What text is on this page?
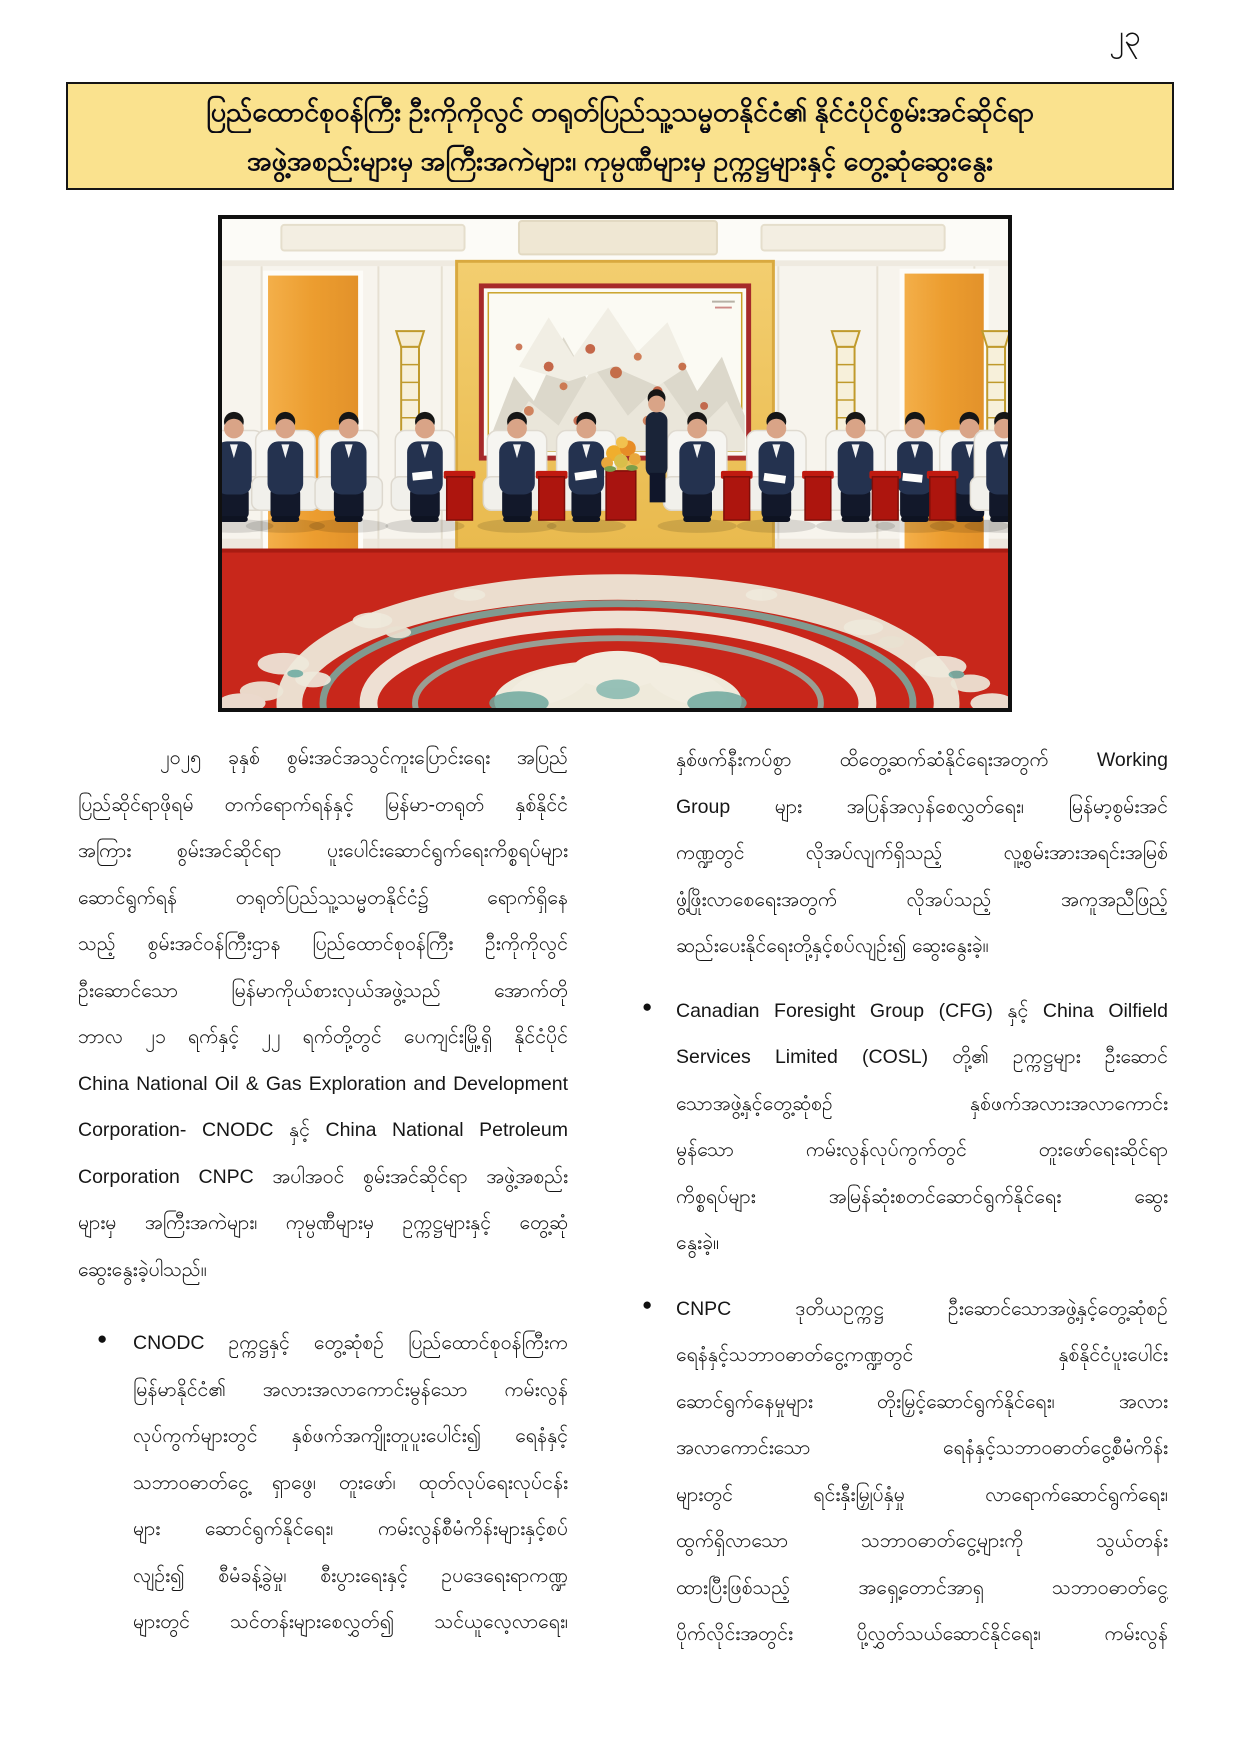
၂၃
ပြည်ထောင်စုဝန်ကြီး ဦးကိုကိုလွင် တရုတ်ပြည်သူ့သမ္မတနိုင်ငံ၏ နိုင်ငံပိုင်စွမ်းအင်ဆိုင်ရာ
အဖွဲ့အစည်းများမှ အကြီးအကဲများ၊ ကုမ္ပဏီများမှ ဥက္ကဋ္ဌများနှင့် တွေ့ဆုံဆွေးနွေး
၂၀၂၅ ခုနှစ် စွမ်းအင်အသွင်ကူးပြောင်းရေး အပြည်
ပြည်ဆိုင်ရာဖိုရမ် တက်ရောက်ရန်နှင့် မြန်မာ-တရုတ် နှစ်နိုင်ငံ
အကြား စွမ်းအင်ဆိုင်ရာ ပူးပေါင်းဆောင်ရွက်ရေးကိစ္စရပ်များ
ဆောင်ရွက်ရန် တရုတ်ပြည်သူ့သမ္မတနိုင်ငံ၌ ရောက်ရှိနေ
သည့် စွမ်းအင်ဝန်ကြီးဌာန ပြည်ထောင်စုဝန်ကြီး ဦးကိုကိုလွင်
ဦးဆောင်သော မြန်မာကိုယ်စားလှယ်အဖွဲ့သည် အောက်တို
ဘာလ ၂၁ ရက်နှင့် ၂၂ ရက်တို့တွင် ပေကျင်းမြို့ရှိ နိုင်ငံပိုင်
China National Oil & Gas Exploration and Development
Corporation- CNODC နှင့် China National Petroleum
Corporation CNPC အပါအဝင် စွမ်းအင်ဆိုင်ရာ အဖွဲ့အစည်း
များမှ အကြီးအကဲများ၊ ကုမ္ပဏီများမှ ဥက္ကဋ္ဌများနှင့် တွေ့ဆုံ
ဆွေးနွေးခဲ့ပါသည်။
● CNODC ဥက္ကဋ္ဌနှင့် တွေ့ဆုံစဉ် ပြည်ထောင်စုဝန်ကြီးက
မြန်မာနိုင်ငံ၏ အလားအလာကောင်းမွန်သော ကမ်းလွန်
လုပ်ကွက်များတွင် နှစ်ဖက်အကျိုးတူပူးပေါင်း၍ ရေနံနှင့်
သဘာဝဓာတ်ငွေ့ ရှာဖွေ၊ တူးဖော်၊ ထုတ်လုပ်ရေးလုပ်ငန်း
များ ဆောင်ရွက်နိုင်ရေး၊ ကမ်းလွန်စီမံကိန်းများနှင့်စပ်
လျဉ်း၍ စီမံခန့်ခွဲမှု၊ စီးပွားရေးနှင့် ဥပဒေရေးရာကဏ္ဍ
များတွင် သင်တန်းများစေလွှတ်၍ သင်ယူလေ့လာရေး၊
နှစ်ဖက်နီးကပ်စွာ ထိတွေ့ဆက်ဆံနိုင်ရေးအတွက် Working
Group များ အပြန်အလှန်စေလွှတ်ရေး၊ မြန်မာ့စွမ်းအင်
ကဏ္ဍတွင် လိုအပ်လျက်ရှိသည့် လူ့စွမ်းအားအရင်းအမြစ်
ဖွံ့ဖြိုးလာစေရေးအတွက် လိုအပ်သည့် အကူအညီဖြည့်
ဆည်းပေးနိုင်ရေးတို့နှင့်စပ်လျဉ်း၍ ဆွေးနွေးခဲ့။
● Canadian Foresight Group (CFG) နှင့် China Oilfield
Services Limited (COSL) တို့၏ ဥက္ကဋ္ဌများ ဦးဆောင်
သောအဖွဲ့နှင့်တွေ့ဆုံစဉ် နှစ်ဖက်အလားအလာကောင်း
မွန်သော ကမ်းလွန်လုပ်ကွက်တွင် တူးဖော်ရေးဆိုင်ရာ
ကိစ္စရပ်များ အမြန်ဆုံးစတင်ဆောင်ရွက်နိုင်ရေး ဆွေး
နွေးခဲ့။
● CNPC ဒုတိယဥက္ကဋ္ဌ ဦးဆောင်သောအဖွဲ့နှင့်တွေ့ဆုံစဉ်
ရေနံနှင့်သဘာဝဓာတ်ငွေ့ကဏ္ဍတွင် နှစ်နိုင်ငံပူးပေါင်း
ဆောင်ရွက်နေမှုများ တိုးမြှင့်ဆောင်ရွက်နိုင်ရေး၊ အလား
အလာကောင်းသော ရေနံနှင့်သဘာဝဓာတ်ငွေ့စီမံကိန်း
များတွင် ရင်းနှီးမြှုပ်နှံမှု လာရောက်ဆောင်ရွက်ရေး၊
ထွက်ရှိလာသော သဘာဝဓာတ်ငွေ့များကို သွယ်တန်း
ထားပြီးဖြစ်သည့် အရှေ့တောင်အာရှ သဘာဝဓာတ်ငွေ့
ပိုက်လိုင်းအတွင်း ပို့လွှတ်သယ်ဆောင်နိုင်ရေး၊ ကမ်းလွန်
